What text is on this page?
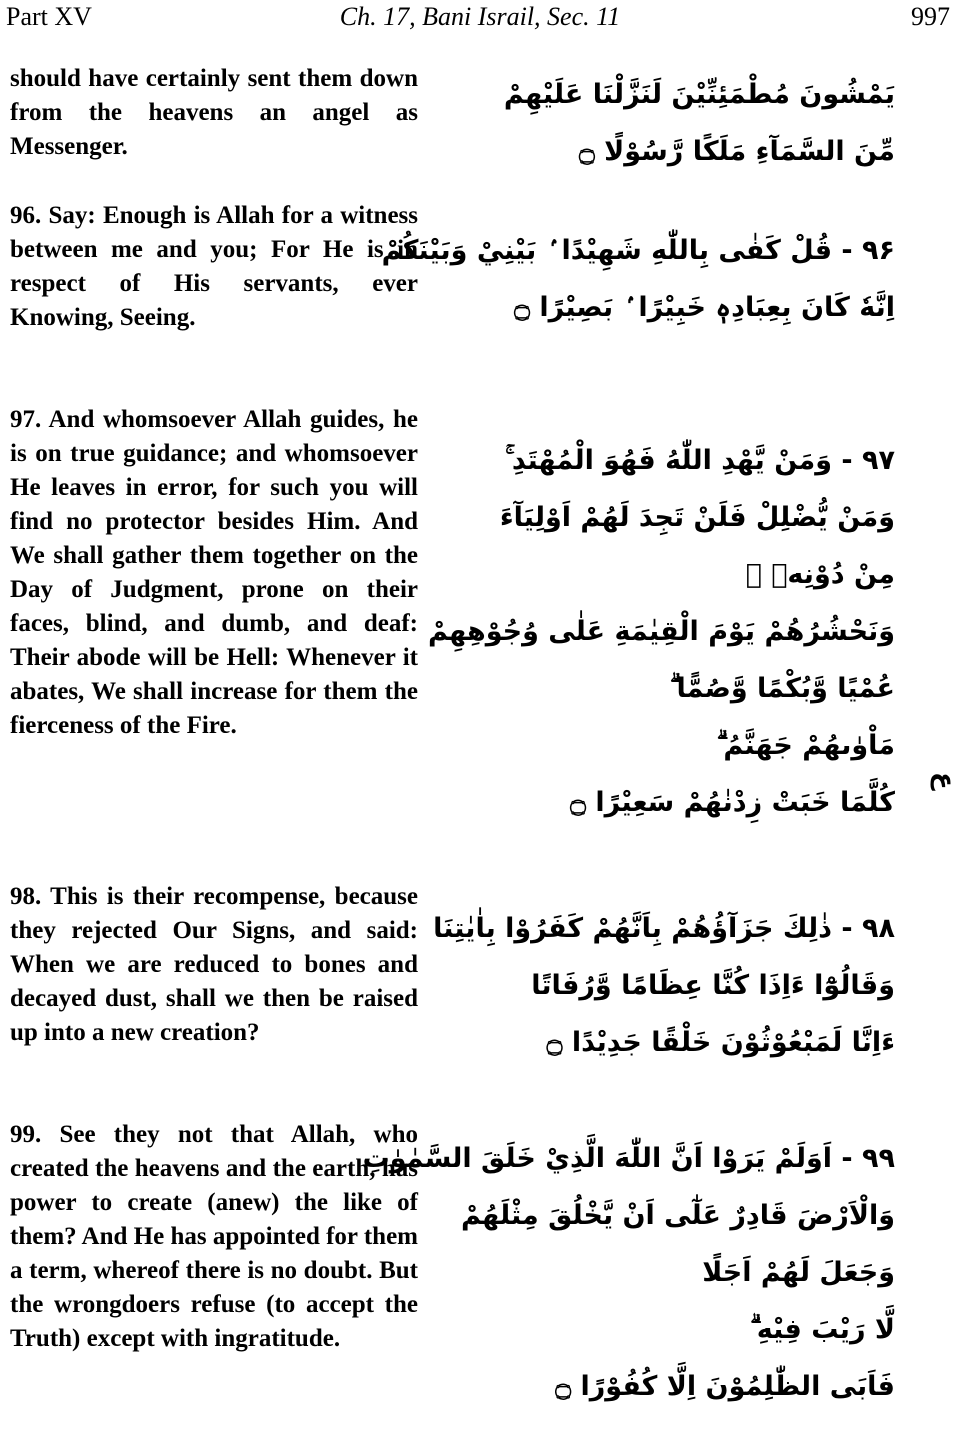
Part XV	Ch. 17, Bani Israil, Sec. 11	997
should have certainly sent them down from the heavens an angel as Messenger.
يَمْشُونَ مُطْمَئِنِّيْنَ لَنَزَّلْنَا عَلَيْهِمْ
مِّنَ السَّمَآءِ مَلَكًا رَّسُوْلًا ۝
96. Say: Enough is Allah for a witness between me and you; For He is in respect of His servants, ever Knowing, Seeing.
۹۶ - قُلْ كَفٰى بِاللّٰهِ شَهِيْدًا ۢ بَيْنِيْ وَبَيْنَكُمْ
اِنَّهٗ كَانَ بِعِبَادِهٖ خَبِيْرًا ۢ بَصِيْرًا ۝
97. And whomsoever Allah guides, he is on true guidance; and whomsoever He leaves in error, for such you will find no protector besides Him. And We shall gather them together on the Day of Judgment, prone on their faces, blind, and dumb, and deaf: Their abode will be Hell: Whenever it abates, We shall increase for them the fierceness of the Fire.
۹۷ - وَمَنْ يَّهْدِ اللّٰهُ فَهُوَ الْمُهْتَدِ ۚ
وَمَنْ يُّضْلِلْ فَلَنْ تَجِدَ لَهُمْ اَوْلِيَآءَ
مِنْ دُوْنِهٖ ۗ
وَنَحْشُرُهُمْ يَوْمَ الْقِيٰمَةِ عَلٰى وُجُوْهِهِمْ
عُمْيًا وَّبُكْمًا وَّصُمًّا ۗ
مَاْوٰىهُمْ جَهَنَّمُ ۗ
كُلَّمَا خَبَتْ زِدْنٰهُمْ سَعِيْرًا ۝
ع
98. This is their recompense, because they rejected Our Signs, and said: When we are reduced to bones and decayed dust, shall we then be raised up into a new creation?
۹۸ - ذٰلِكَ جَزَآؤُهُمْ بِاَنَّهُمْ كَفَرُوْا بِاٰيٰتِنَا
وَقَالُوْٓا ءَاِذَا كُنَّا عِظَامًا وَّرُفَاتًا
ءَاِنَّا لَمَبْعُوْثُوْنَ خَلْقًا جَدِيْدًا ۝
99. See they not that Allah, who created the heavens and the earth, has power to create (anew) the like of them? And He has appointed for them a term, whereof there is no doubt. But the wrongdoers refuse (to accept the Truth) except with ingratitude.
۹۹ - اَوَلَمْ يَرَوْا اَنَّ اللّٰهَ الَّذِيْ خَلَقَ السَّمٰوٰتِ
وَالْاَرْضَ قَادِرٌ عَلٰٓى اَنْ يَّخْلُقَ مِثْلَهُمْ
وَجَعَلَ لَهُمْ اَجَلًا
لَّا رَيْبَ فِيْهِ ۗ
فَاَبَى الظّٰلِمُوْنَ اِلَّا كُفُوْرًا ۝
